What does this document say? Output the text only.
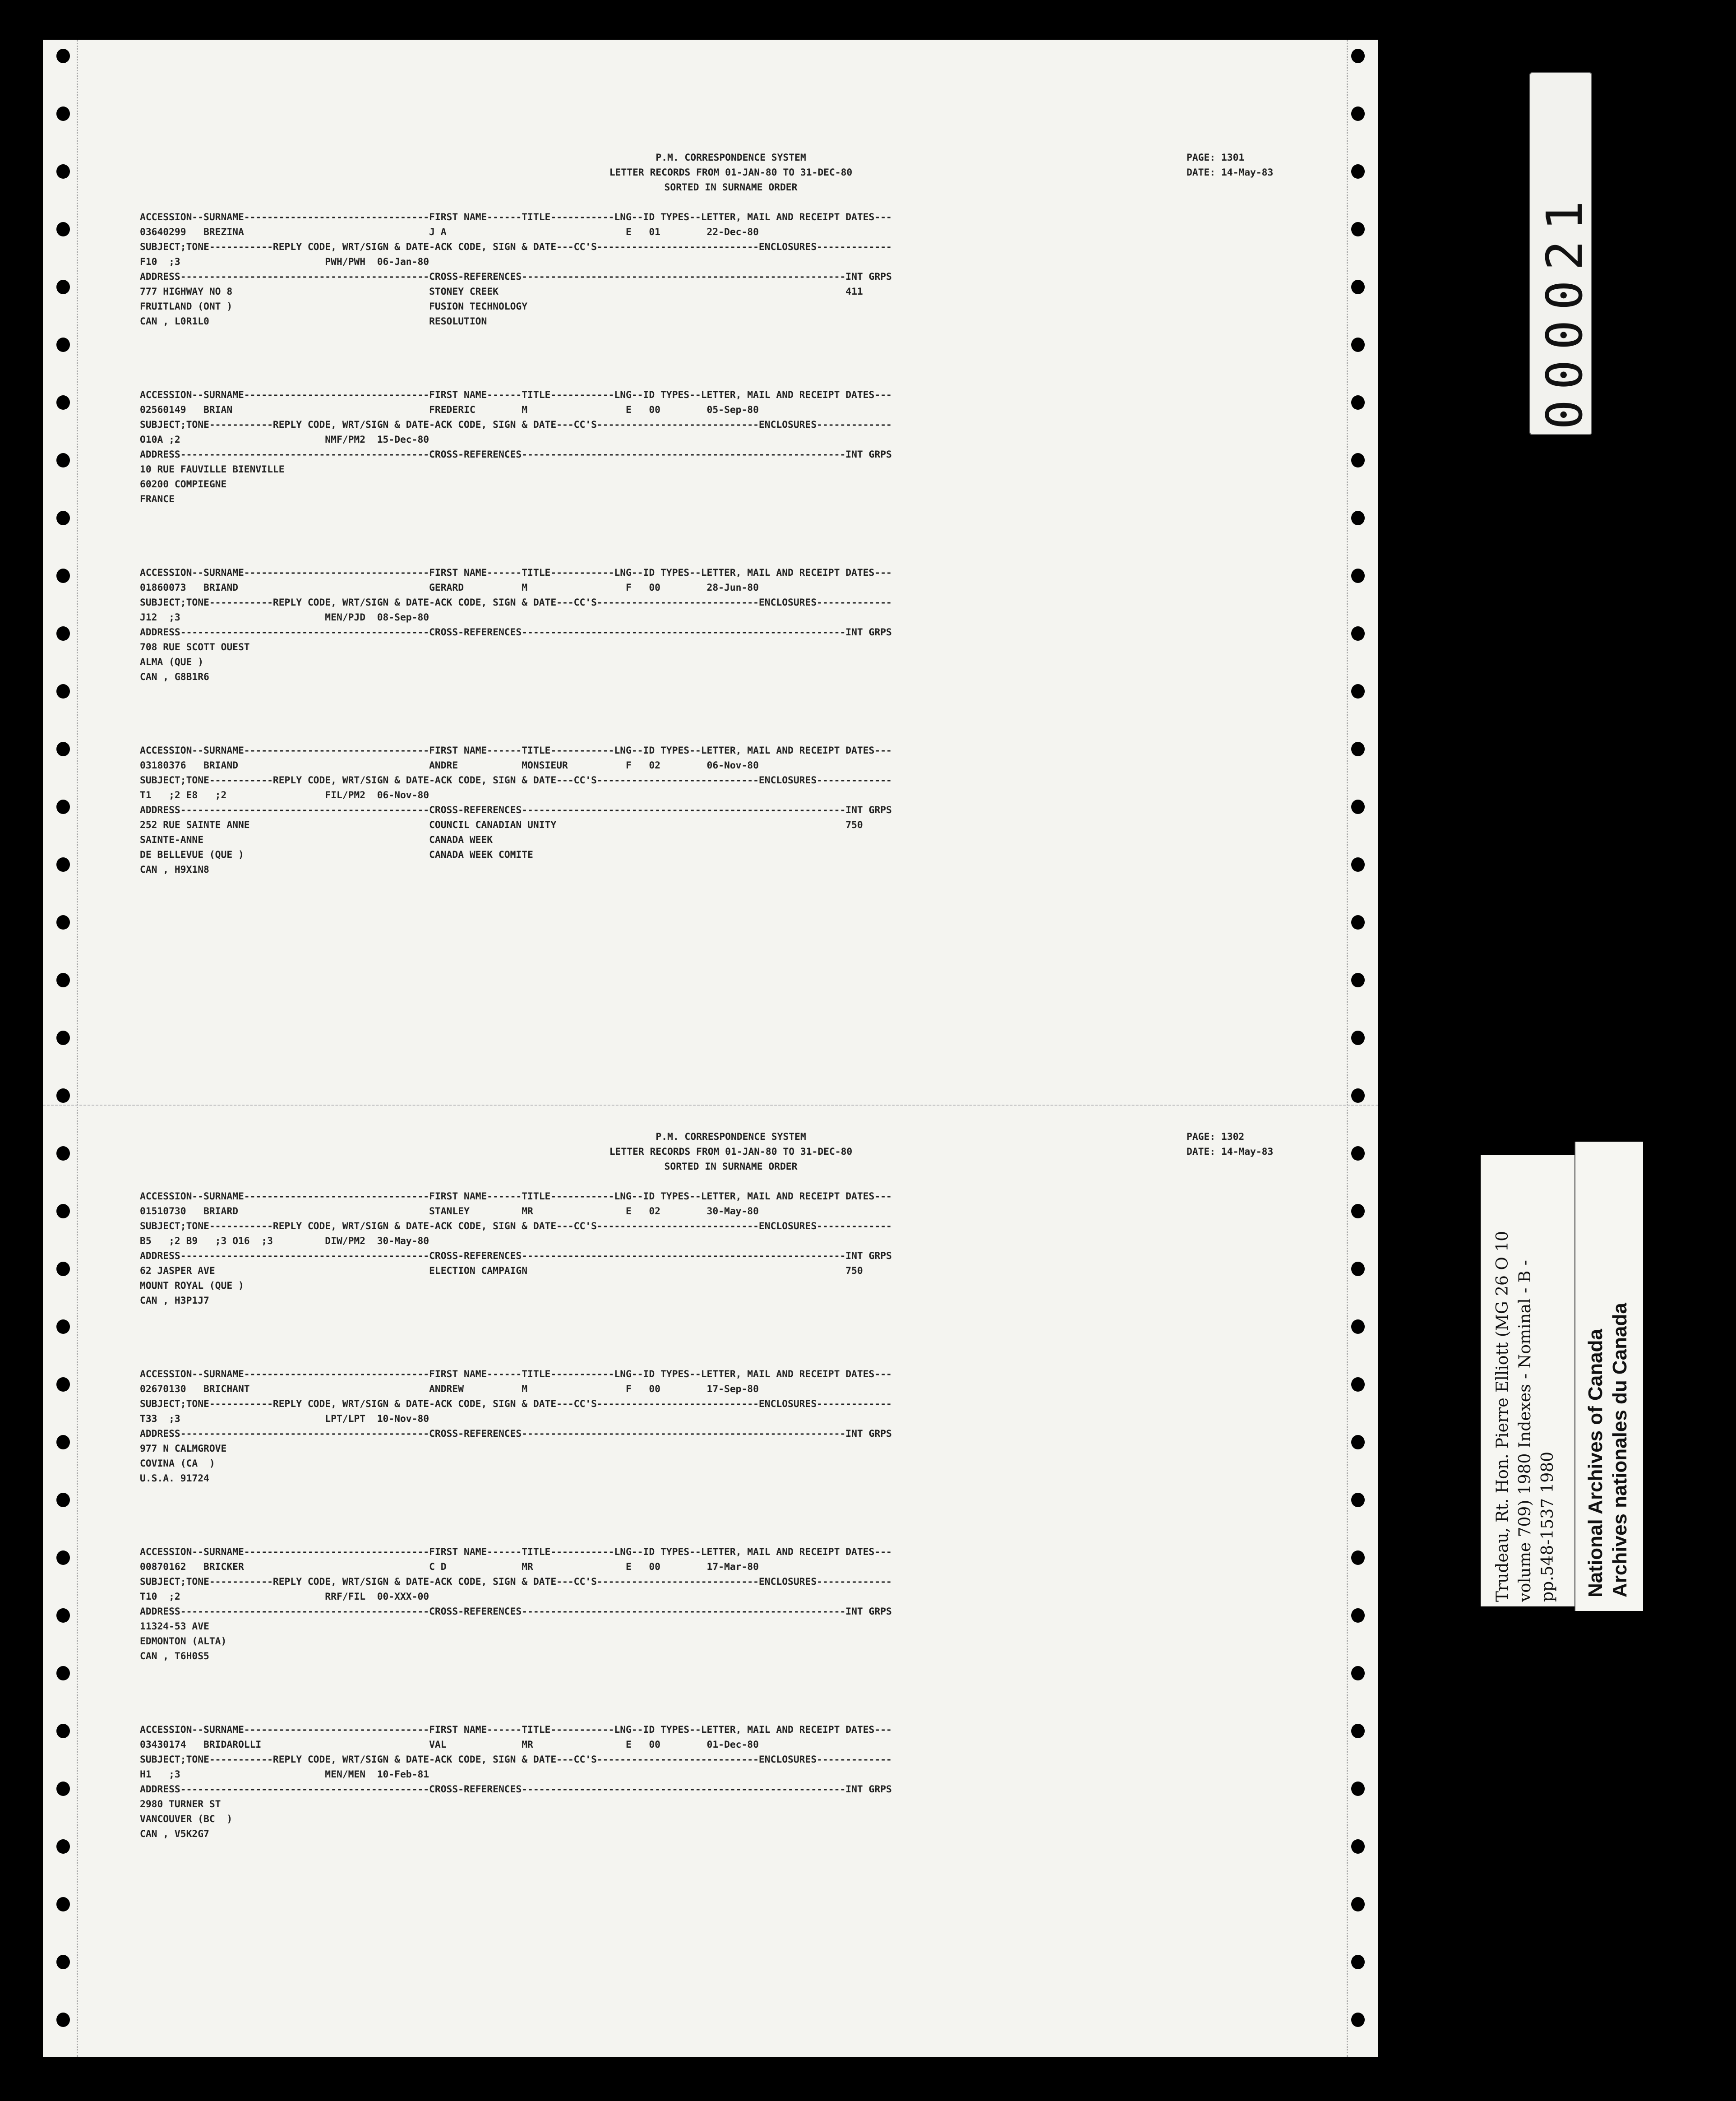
P.M. CORRESPONDENCE SYSTEM
LETTER RECORDS FROM 01-JAN-80 TO 31-DEC-80
SORTED IN SURNAME ORDER
PAGE: 1301
DATE: 14-May-83
ACCESSION--SURNAME--------------------------------FIRST NAME------TITLE-----------LNG--ID TYPES--LETTER, MAIL AND RECEIPT DATES---
03640299   BREZINA                                J A                               E   01        22-Dec-80
SUBJECT;TONE-----------REPLY CODE, WRT/SIGN & DATE-ACK CODE, SIGN & DATE---CC'S----------------------------ENCLOSURES-------------
F10  ;3                         PWH/PWH  06-Jan-80
ADDRESS-------------------------------------------CROSS-REFERENCES--------------------------------------------------------INT GRPS
777 HIGHWAY NO 8                                  STONEY CREEK                                                            411
FRUITLAND (ONT )                                  FUSION TECHNOLOGY
CAN , L0R1L0                                      RESOLUTION
ACCESSION--SURNAME--------------------------------FIRST NAME------TITLE-----------LNG--ID TYPES--LETTER, MAIL AND RECEIPT DATES---
02560149   BRIAN                                  FREDERIC        M                 E   00        05-Sep-80
SUBJECT;TONE-----------REPLY CODE, WRT/SIGN & DATE-ACK CODE, SIGN & DATE---CC'S----------------------------ENCLOSURES-------------
O10A ;2                         NMF/PM2  15-Dec-80
ADDRESS-------------------------------------------CROSS-REFERENCES--------------------------------------------------------INT GRPS
10 RUE FAUVILLE BIENVILLE
60200 COMPIEGNE
FRANCE
ACCESSION--SURNAME--------------------------------FIRST NAME------TITLE-----------LNG--ID TYPES--LETTER, MAIL AND RECEIPT DATES---
01860073   BRIAND                                 GERARD          M                 F   00        28-Jun-80
SUBJECT;TONE-----------REPLY CODE, WRT/SIGN & DATE-ACK CODE, SIGN & DATE---CC'S----------------------------ENCLOSURES-------------
J12  ;3                         MEN/PJD  08-Sep-80
ADDRESS-------------------------------------------CROSS-REFERENCES--------------------------------------------------------INT GRPS
708 RUE SCOTT OUEST
ALMA (QUE )
CAN , G8B1R6
ACCESSION--SURNAME--------------------------------FIRST NAME------TITLE-----------LNG--ID TYPES--LETTER, MAIL AND RECEIPT DATES---
03180376   BRIAND                                 ANDRE           MONSIEUR          F   02        06-Nov-80
SUBJECT;TONE-----------REPLY CODE, WRT/SIGN & DATE-ACK CODE, SIGN & DATE---CC'S----------------------------ENCLOSURES-------------
T1   ;2 E8   ;2                 FIL/PM2  06-Nov-80
ADDRESS-------------------------------------------CROSS-REFERENCES--------------------------------------------------------INT GRPS
252 RUE SAINTE ANNE                               COUNCIL CANADIAN UNITY                                                  750
SAINTE-ANNE                                       CANADA WEEK
DE BELLEVUE (QUE )                                CANADA WEEK COMITE
CAN , H9X1N8
P.M. CORRESPONDENCE SYSTEM
LETTER RECORDS FROM 01-JAN-80 TO 31-DEC-80
SORTED IN SURNAME ORDER
PAGE: 1302
DATE: 14-May-83
ACCESSION--SURNAME--------------------------------FIRST NAME------TITLE-----------LNG--ID TYPES--LETTER, MAIL AND RECEIPT DATES---
01510730   BRIARD                                 STANLEY         MR                E   02        30-May-80
SUBJECT;TONE-----------REPLY CODE, WRT/SIGN & DATE-ACK CODE, SIGN & DATE---CC'S----------------------------ENCLOSURES-------------
B5   ;2 B9   ;3 O16  ;3         DIW/PM2  30-May-80
ADDRESS-------------------------------------------CROSS-REFERENCES--------------------------------------------------------INT GRPS
62 JASPER AVE                                     ELECTION CAMPAIGN                                                       750
MOUNT ROYAL (QUE )
CAN , H3P1J7
ACCESSION--SURNAME--------------------------------FIRST NAME------TITLE-----------LNG--ID TYPES--LETTER, MAIL AND RECEIPT DATES---
02670130   BRICHANT                               ANDREW          M                 F   00        17-Sep-80
SUBJECT;TONE-----------REPLY CODE, WRT/SIGN & DATE-ACK CODE, SIGN & DATE---CC'S----------------------------ENCLOSURES-------------
T33  ;3                         LPT/LPT  10-Nov-80
ADDRESS-------------------------------------------CROSS-REFERENCES--------------------------------------------------------INT GRPS
977 N CALMGROVE
COVINA (CA  )
U.S.A. 91724
ACCESSION--SURNAME--------------------------------FIRST NAME------TITLE-----------LNG--ID TYPES--LETTER, MAIL AND RECEIPT DATES---
00870162   BRICKER                                C D             MR                E   00        17-Mar-80
SUBJECT;TONE-----------REPLY CODE, WRT/SIGN & DATE-ACK CODE, SIGN & DATE---CC'S----------------------------ENCLOSURES-------------
T10  ;2                         RRF/FIL  00-XXX-00
ADDRESS-------------------------------------------CROSS-REFERENCES--------------------------------------------------------INT GRPS
11324-53 AVE
EDMONTON (ALTA)
CAN , T6H0S5
ACCESSION--SURNAME--------------------------------FIRST NAME------TITLE-----------LNG--ID TYPES--LETTER, MAIL AND RECEIPT DATES---
03430174   BRIDAROLLI                             VAL             MR                E   00        01-Dec-80
SUBJECT;TONE-----------REPLY CODE, WRT/SIGN & DATE-ACK CODE, SIGN & DATE---CC'S----------------------------ENCLOSURES-------------
H1   ;3                         MEN/MEN  10-Feb-81
ADDRESS-------------------------------------------CROSS-REFERENCES--------------------------------------------------------INT GRPS
2980 TURNER ST
VANCOUVER (BC  )
CAN , V5K2G7
000021
Trudeau, Rt. Hon. Pierre Elliott (MG 26 O 10 volume 709) 1980 Indexes - Nominal - B - pp.548-1537 1980 National Archives of Canada Archives nationales du Canada
